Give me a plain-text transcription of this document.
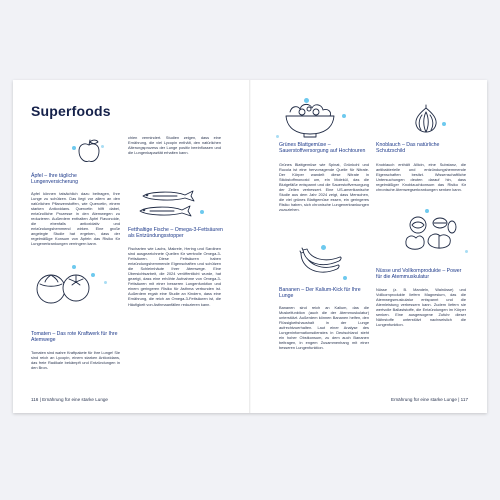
Superfoods
Äpfel – Ihre tägliche Lungenversicherung
Äpfel können tatsächlich dazu beitragen, Ihre Lunge zu schützen. Das liegt vor allem an den natürlichen Pflanzenstoffen, wie Quercetin, einem starken Antioxidans. Quercetin hilft dabei, entzündliche Prozesse in den Atemwegen zu reduzieren. Außerdem enthalten Äpfel Flavonoide, die ebenfalls antioxidativ und entzündungshemmend wirken. Eine große angelegte Studie hat ergeben, dass der regelmäßige Konsum von Äpfeln das Risiko für Lungenerkrankungen verringern kann.
Tomaten – Das rote Kraftwerk für Ihre Atemwege
Tomaten sind wahre Kraftpakete für Ihre Lunge! Sie sind reich an Lycopin, einem starken Antioxidans, das freie Radikale bekämpft und Entzündungen in den Bron-
chien vermindert. Studien zeigen, dass eine Ernährung, die viel Lycopin enthält, den natürlichen Alterungsprozess der Lunge positiv beeinflussen und die Lungenkapazität erhalten kann.
Fetthaltige Fische – Omega-3-Fettsäuren als Entzündungsstopper
Fischarten wie Lachs, Makrele, Hering und Sardinen sind ausgezeichnete Quellen für wertvolle Omega-3-Fettsäuren. Diese Fettsäuren haben entzündungshemmende Eigenschaften und schützen die Schleimhäute Ihrer Atemwege. Eine Übersichtsarbeit, die 2024 veröffentlicht wurde, hat gezeigt, dass eine erhöhte Aufnahme von Omega-3-Fettsäuren mit einer besseren Lungenfunktion und einem geringeren Risiko für Asthma verbunden ist. Außerdem ergab eine Studie an Kindern, dass eine Ernährung, die reich an Omega-3-Fettsäuren ist, die Häufigkeit von Asthmaanfällen reduzieren kann.
116 | Ernährung für eine starke Lunge
Grünes Blattgemüse – Sauerstoffversorgung auf Hochtouren
Grünes Blattgemüse wie Spinat, Grünkohl und Rucola ist eine hervorragende Quelle für Nitrate. Der Körper wandelt diese Nitrate in Stickstoffmonoxid um, ein Molekül, das die Blutgefäße entspannt und die Sauerstoffversorgung der Zellen verbessert. Eine US-amerikanische Studie aus dem Jahr 2024 zeigt, dass Menschen, die viel grünes Blattgemüse essen, ein geringeres Risiko haben, sich chronische Lungenerkrankungen zuzuziehen.
Bananen – Der Kalium-Kick für Ihre Lunge
Bananen sind reich an Kalium, das die Muskelfunktion (auch die der Atemmuskulatur) unterstützt. Außerdem können Bananen helfen, den Flüssigkeitshaushalt in der Lunge aufrechtzuerhalten. Laut einer Analyse des Lungeninformationsdienstes in Deutschland steht ein hoher Obstkonsum, zu dem auch Bananen beitragen, in engem Zusammenhang mit einer besseren Lungenfunktion.
Knoblauch – Das natürliche Schutzschild
Knoblauch enthält Allicin, eine Substanz, die antibakterielle und entzündungshemmende Eigenschaften besitzt. Wissenschaftliche Untersuchungen deuten darauf hin, dass regelmäßiger Knoblauchkonsum das Risiko für chronische Atemwegserkrankungen senken kann.
Nüsse und Vollkornprodukte – Power für die Atemmuskulatur
Nüsse (z. B. Mandeln, Walnüsse) und Vollkornprodukte liefern Magnesium, das die Atemwegsmuskulatur entspannt und die Atemleistung verbessern kann. Zudem liefern sie wertvolle Ballaststoffe, die Entzündungen im Körper senken. Eine ausgewogene Zufuhr dieser Nährstoffe unterstützt nachweislich die Lungenfunktion.
Ernährung für eine starke Lunge | 117
